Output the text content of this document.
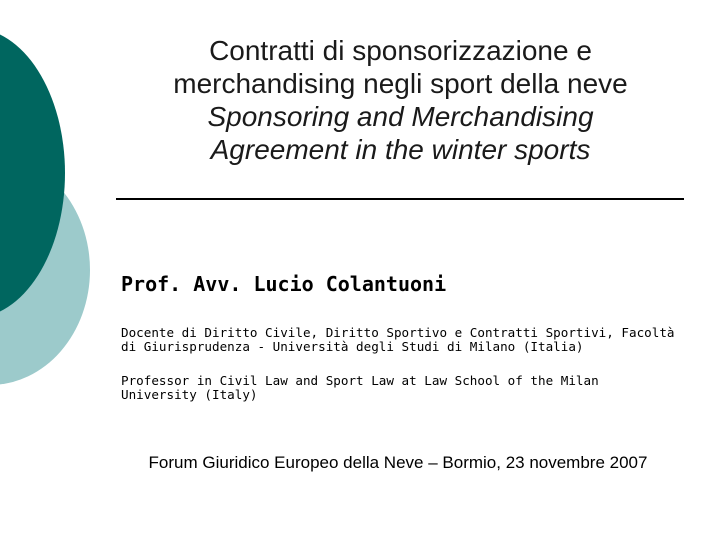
Contratti di sponsorizzazione e
merchandising negli sport della neve
Sponsoring and Merchandising
Agreement in the winter sports
Prof. Avv. Lucio Colantuoni
Docente di Diritto Civile, Diritto Sportivo e Contratti Sportivi, Facoltà
di Giurisprudenza - Università degli Studi di Milano (Italia)
Professor in Civil Law and Sport Law at Law School of the Milan
University (Italy)
Forum Giuridico Europeo della Neve – Bormio, 23 novembre 2007
